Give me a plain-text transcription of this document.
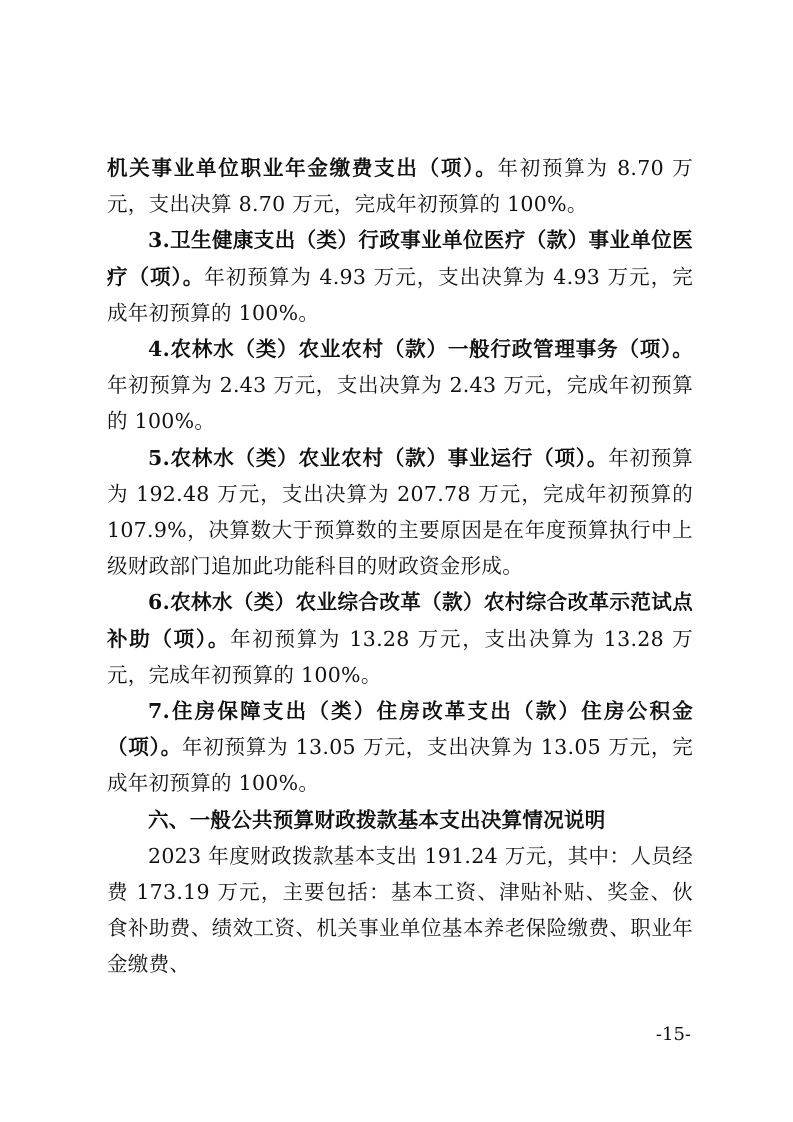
机关事业单位职业年金缴费支出（项）。年初预算为 8.70 万元，支出决算 8.70 万元，完成年初预算的 100%。

3.卫生健康支出（类）行政事业单位医疗（款）事业单位医疗（项）。年初预算为 4.93 万元，支出决算为 4.93 万元，完成年初预算的 100%。

4.农林水（类）农业农村（款）一般行政管理事务（项）。年初预算为 2.43 万元，支出决算为 2.43 万元，完成年初预算的 100%。

5.农林水（类）农业农村（款）事业运行（项）。年初预算为 192.48 万元，支出决算为 207.78 万元，完成年初预算的 107.9%，决算数大于预算数的主要原因是在年度预算执行中上级财政部门追加此功能科目的财政资金形成。

6.农林水（类）农业综合改革（款）农村综合改革示范试点补助（项）。年初预算为 13.28 万元，支出决算为 13.28 万元，完成年初预算的 100%。

7.住房保障支出（类）住房改革支出（款）住房公积金（项）。年初预算为 13.05 万元，支出决算为 13.05 万元，完成年初预算的 100%。

六、一般公共预算财政拨款基本支出决算情况说明

2023 年度财政拨款基本支出 191.24 万元，其中：人员经费 173.19 万元，主要包括：基本工资、津贴补贴、奖金、伙食补助费、绩效工资、机关事业单位基本养老保险缴费、职业年金缴费、

-15-
